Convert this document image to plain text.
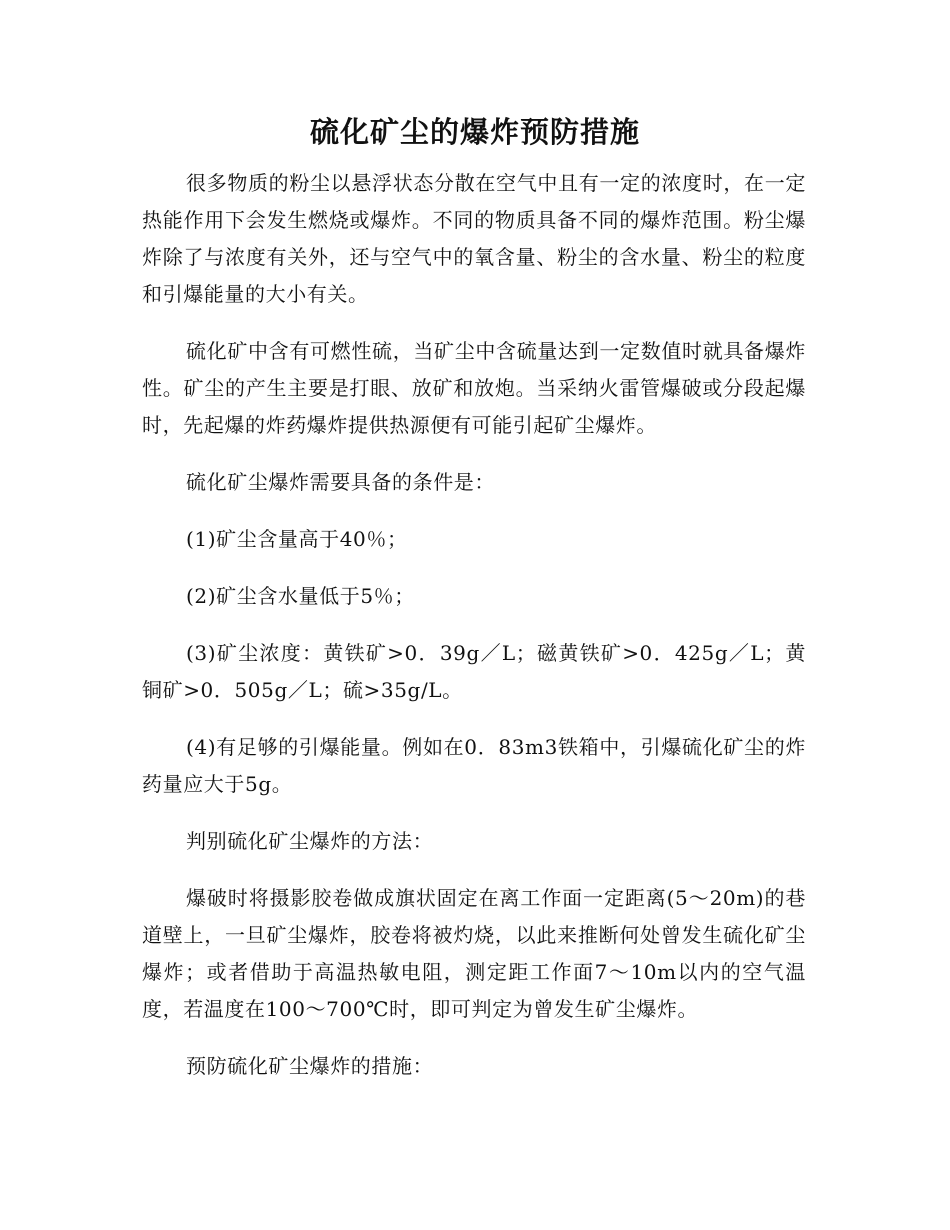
硫化矿尘的爆炸预防措施

很多物质的粉尘以悬浮状态分散在空气中且有一定的浓度时，在一定热能作用下会发生燃烧或爆炸。不同的物质具备不同的爆炸范围。粉尘爆炸除了与浓度有关外，还与空气中的氧含量、粉尘的含水量、粉尘的粒度和引爆能量的大小有关。

硫化矿中含有可燃性硫，当矿尘中含硫量达到一定数值时就具备爆炸性。矿尘的产生主要是打眼、放矿和放炮。当采纳火雷管爆破或分段起爆时，先起爆的炸药爆炸提供热源便有可能引起矿尘爆炸。

硫化矿尘爆炸需要具备的条件是：

(1)矿尘含量高于40％；

(2)矿尘含水量低于5％；

(3)矿尘浓度：黄铁矿>0．39g／L；磁黄铁矿>0．425g／L；黄铜矿>0．505g／L；硫>35g/L。

(4)有足够的引爆能量。例如在0．83m3铁箱中，引爆硫化矿尘的炸药量应大于5g。

判别硫化矿尘爆炸的方法：

爆破时将摄影胶卷做成旗状固定在离工作面一定距离(5～20m)的巷道壁上，一旦矿尘爆炸，胶卷将被灼烧，以此来推断何处曾发生硫化矿尘爆炸；或者借助于高温热敏电阻，测定距工作面7～10m以内的空气温度，若温度在100～700℃时，即可判定为曾发生矿尘爆炸。

预防硫化矿尘爆炸的措施：
